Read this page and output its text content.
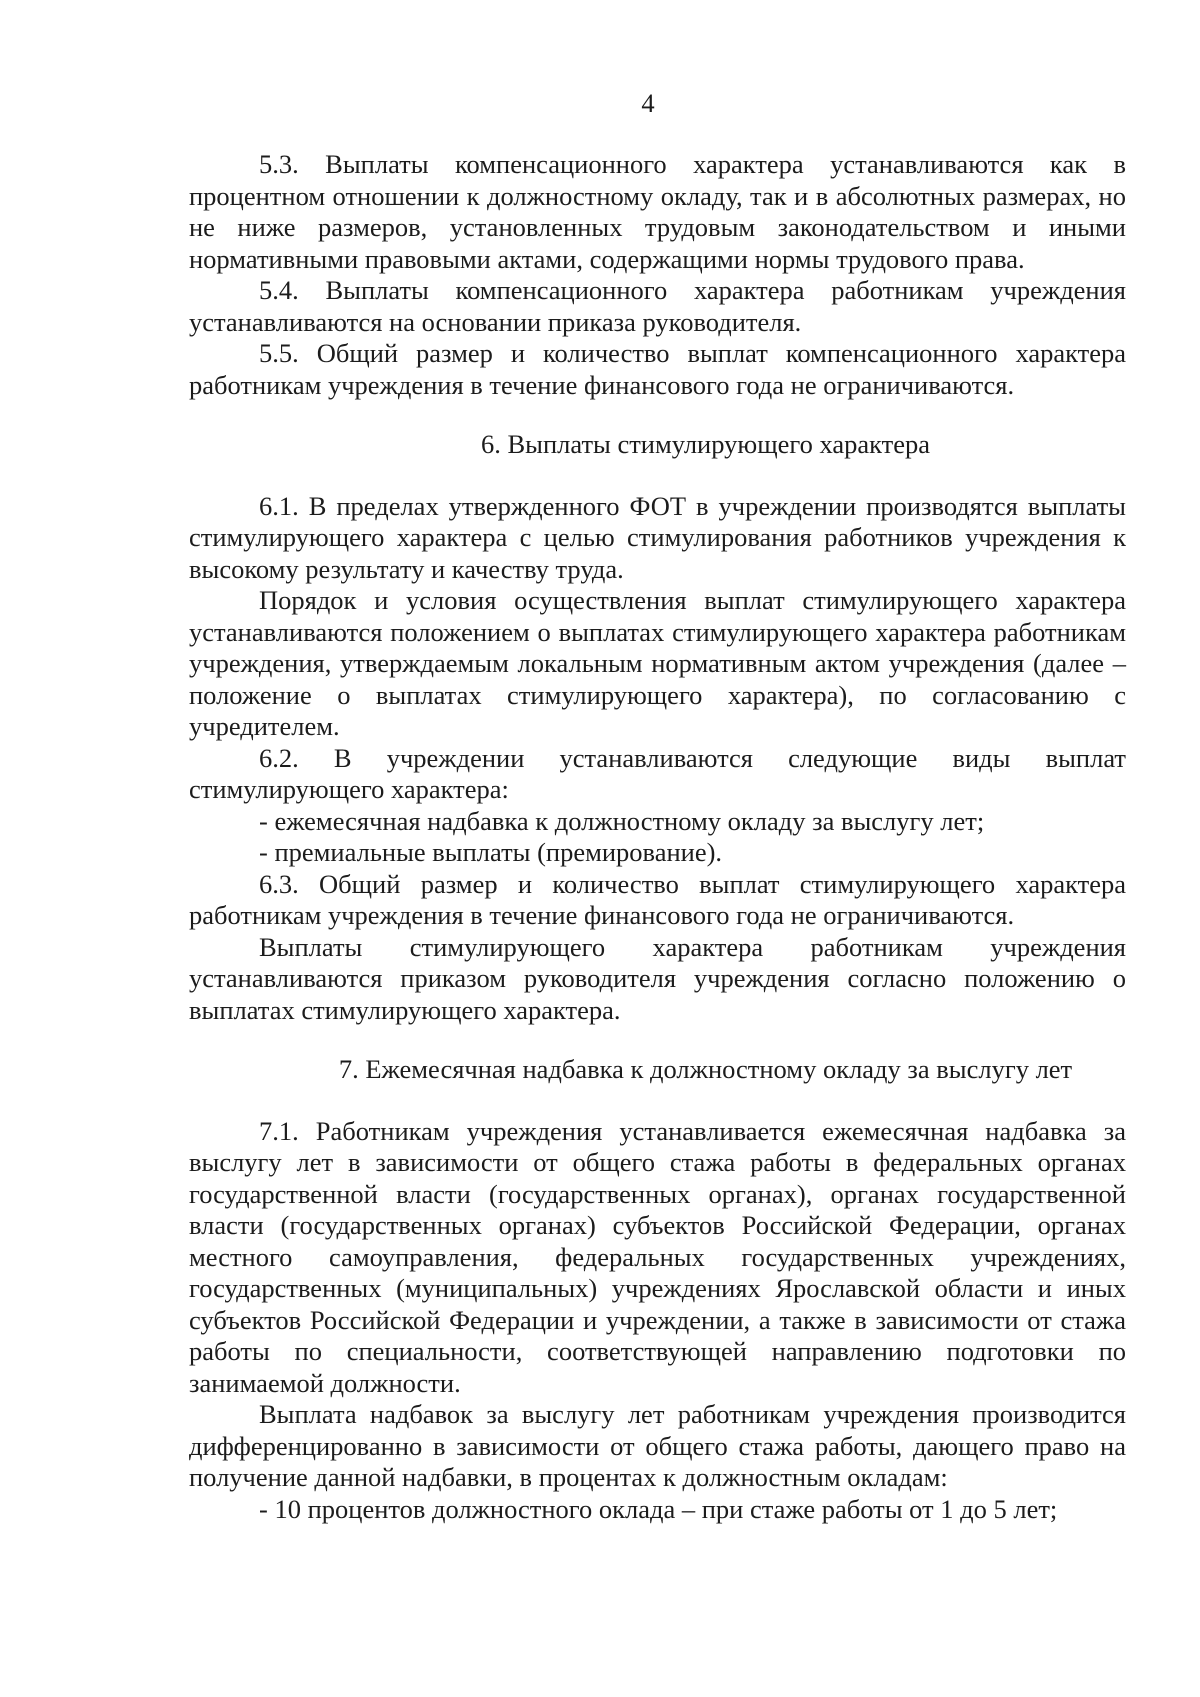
4

5.3. Выплаты компенсационного характера устанавливаются как в процентном отношении к должностному окладу, так и в абсолютных размерах, но не ниже размеров, установленных трудовым законодательством и иными нормативными правовыми актами, содержащими нормы трудового права.

5.4. Выплаты компенсационного характера работникам учреждения устанавливаются на основании приказа руководителя.

5.5. Общий размер и количество выплат компенсационного характера работникам учреждения в течение финансового года не ограничиваются.

6. Выплаты стимулирующего характера

6.1. В пределах утвержденного ФОТ в учреждении производятся выплаты стимулирующего характера с целью стимулирования работников учреждения к высокому результату и качеству труда.

Порядок и условия осуществления выплат стимулирующего характера устанавливаются положением о выплатах стимулирующего характера работникам учреждения, утверждаемым локальным нормативным актом учреждения (далее – положение о выплатах стимулирующего характера), по согласованию с учредителем.

6.2. В учреждении устанавливаются следующие виды выплат стимулирующего характера:

- ежемесячная надбавка к должностному окладу за выслугу лет;

- премиальные выплаты (премирование).

6.3. Общий размер и количество выплат стимулирующего характера работникам учреждения в течение финансового года не ограничиваются.

Выплаты стимулирующего характера работникам учреждения устанавливаются приказом руководителя учреждения согласно положению о выплатах стимулирующего характера.

7. Ежемесячная надбавка к должностному окладу за выслугу лет

7.1. Работникам учреждения устанавливается ежемесячная надбавка за выслугу лет в зависимости от общего стажа работы в федеральных органах государственной власти (государственных органах), органах государственной власти (государственных органах) субъектов Российской Федерации, органах местного самоуправления, федеральных государственных учреждениях, государственных (муниципальных) учреждениях Ярославской области и иных субъектов Российской Федерации и учреждении, а также в зависимости от стажа работы по специальности, соответствующей направлению подготовки по занимаемой должности.

Выплата надбавок за выслугу лет работникам учреждения производится дифференцированно в зависимости от общего стажа работы, дающего право на получение данной надбавки, в процентах к должностным окладам:

- 10 процентов должностного оклада – при стаже работы от 1 до 5 лет;
